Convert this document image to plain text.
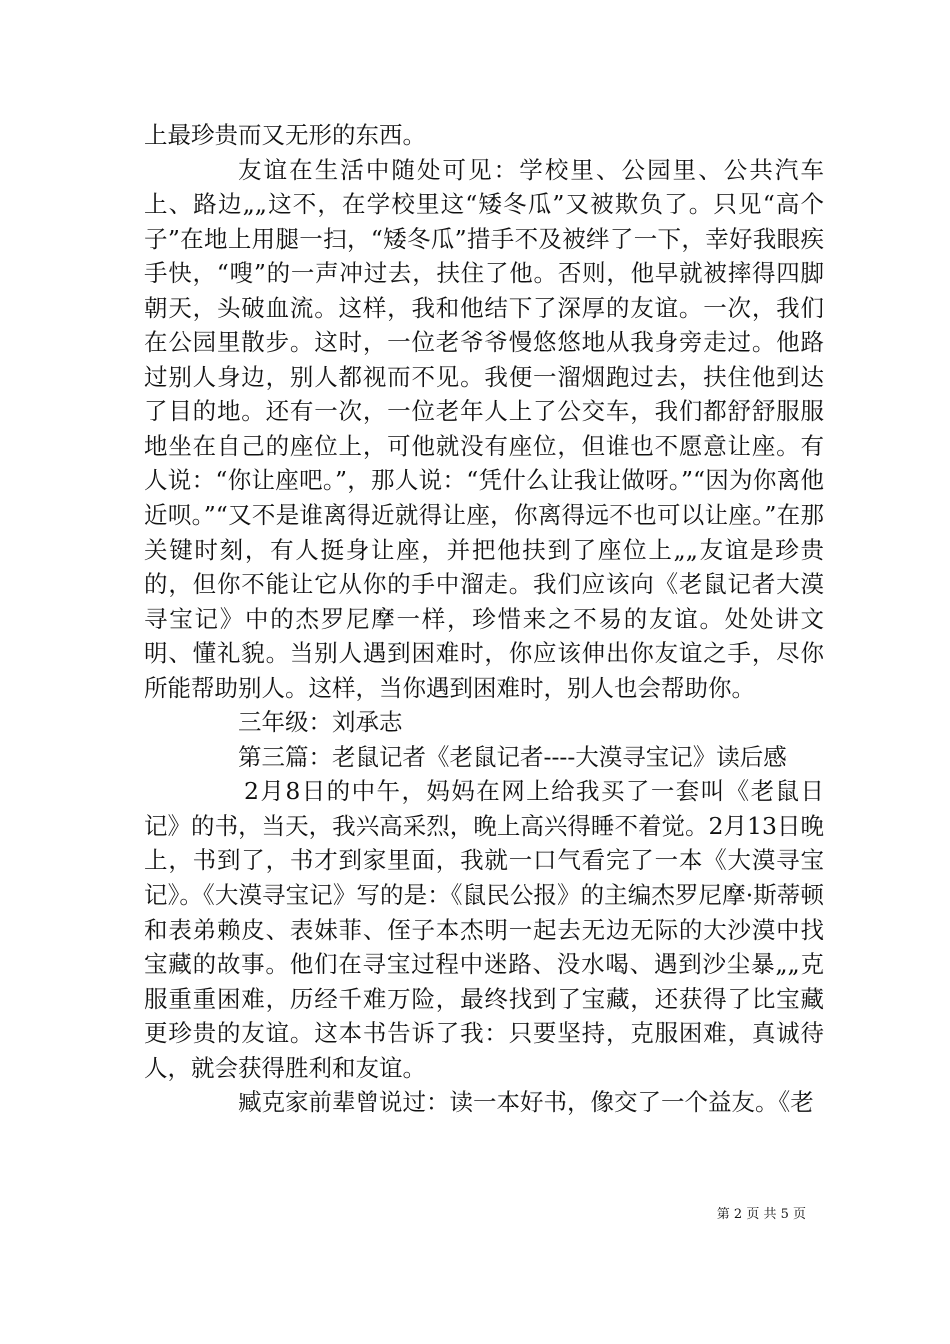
上最珍贵而又无形的东西。

友谊在生活中随处可见：学校里、公园里、公共汽车上、路边„„这不，在学校里这“矮冬瓜”又被欺负了。只见“高个子”在地上用腿一扫，“矮冬瓜”措手不及被绊了一下，幸好我眼疾手快，“嗖”的一声冲过去，扶住了他。否则，他早就被摔得四脚朝天，头破血流。这样，我和他结下了深厚的友谊。一次，我们在公园里散步。这时，一位老爷爷慢悠悠地从我身旁走过。他路过别人身边，别人都视而不见。我便一溜烟跑过去，扶住他到达了目的地。还有一次，一位老年人上了公交车，我们都舒舒服服地坐在自己的座位上，可他就没有座位，但谁也不愿意让座。有人说：“你让座吧。”，那人说：“凭什么让我让做呀。”“因为你离他近呗。”“又不是谁离得近就得让座，你离得远不也可以让座。”在那关键时刻，有人挺身让座，并把他扶到了座位上„„友谊是珍贵的，但你不能让它从你的手中溜走。我们应该向《老鼠记者大漠寻宝记》中的杰罗尼摩一样，珍惜来之不易的友谊。处处讲文明、懂礼貌。当别人遇到困难时，你应该伸出你友谊之手，尽你所能帮助别人。这样，当你遇到困难时，别人也会帮助你。

三年级：刘承志

第三篇：老鼠记者《老鼠记者----大漠寻宝记》读后感

2月8日的中午，妈妈在网上给我买了一套叫《老鼠日记》的书，当天，我兴高采烈，晚上高兴得睡不着觉。2月13日晚上，书到了，书才到家里面，我就一口气看完了一本《大漠寻宝记》。《大漠寻宝记》写的是：《鼠民公报》的主编杰罗尼摩·斯蒂顿和表弟赖皮、表妹菲、侄子本杰明一起去无边无际的大沙漠中找宝藏的故事。他们在寻宝过程中迷路、没水喝、遇到沙尘暴„„克服重重困难，历经千难万险，最终找到了宝藏，还获得了比宝藏更珍贵的友谊。这本书告诉了我：只要坚持，克服困难，真诚待人，就会获得胜利和友谊。

臧克家前辈曾说过：读一本好书，像交了一个益友。《老

第 2 页 共 5 页
